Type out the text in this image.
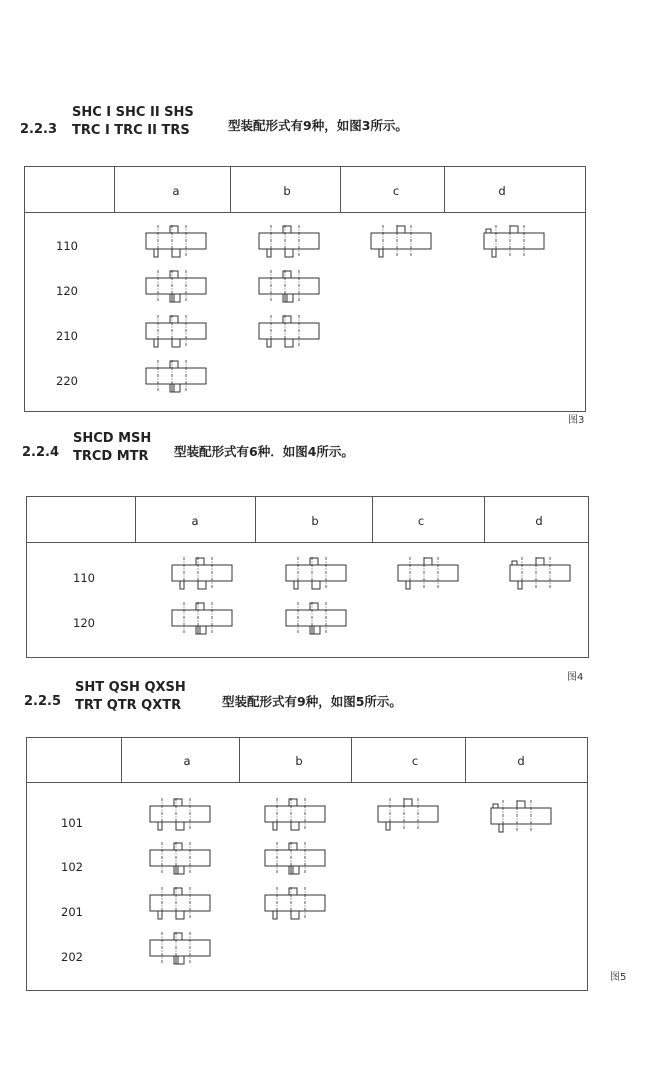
2.2.3
SHC I SHC II SHS
TRC I TRC II TRS	型装配形式有9种，如图3所示。
a	b	c	d
110
120
210
220
图3
2.2.4
SHCD MSH
TRCD MTR 型装配形式有6种．如图4所示。
a	b	c	d
110
120
图4
2.2.5
SHT QSH QXSH
TRT QTR QXTR	型装配形式有9种，如图5所示。
a	b	c	d
101
102
201
202
图5
